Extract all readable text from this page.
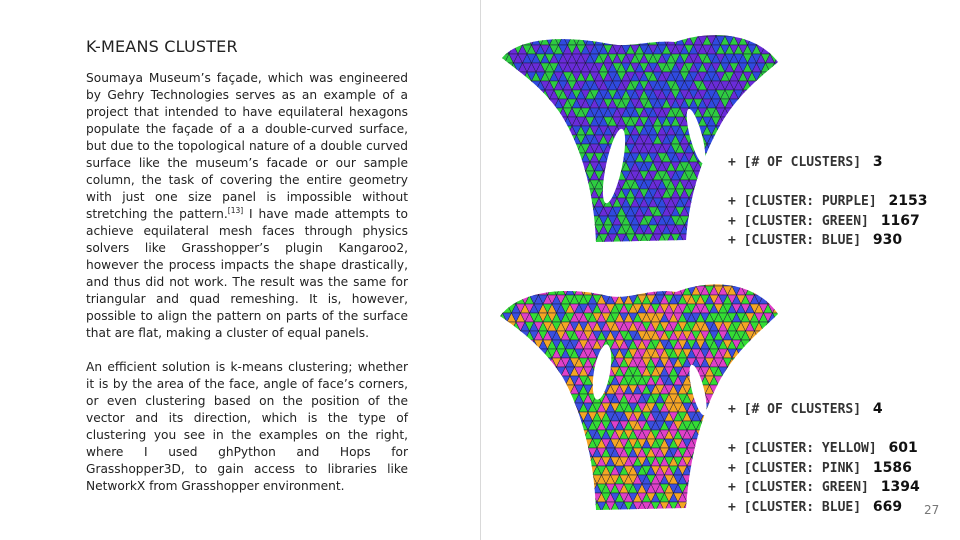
K-MEANS CLUSTER

Soumaya Museum’s façade, which was engineered by Gehry Technologies serves as an example of a project that intended to have equilateral hexagons populate the façade of a a double-curved surface, but due to the topological nature of a double curved surface like the museum’s facade or our sample column, the task of covering the entire geometry with just one size panel is impossible without stretching the pattern.[13] I have made attempts to achieve equilateral mesh faces through physics solvers like Grasshopper’s plugin Kangaroo2, however the process impacts the shape drastically, and thus did not work. The result was the same for triangular and quad remeshing. It is, however, possible to align the pattern on parts of the surface that are flat, making a cluster of equal panels.

An efficient solution is k-means clustering; whether it is by the area of the face, angle of face’s corners, or even clustering based on the position of the vector and its direction, which is the type of clustering you see in the examples on the right, where I used ghPython and Hops for Grasshopper3D, to gain access to libraries like NetworkX from Grasshopper environment.

+ [# OF CLUSTERS] 3
+ [CLUSTER: PURPLE] 2153
+ [CLUSTER: GREEN] 1167
+ [CLUSTER: BLUE] 930
+ [# OF CLUSTERS] 4
+ [CLUSTER: YELLOW] 601
+ [CLUSTER: PINK] 1586
+ [CLUSTER: GREEN] 1394
+ [CLUSTER: BLUE] 669	27
